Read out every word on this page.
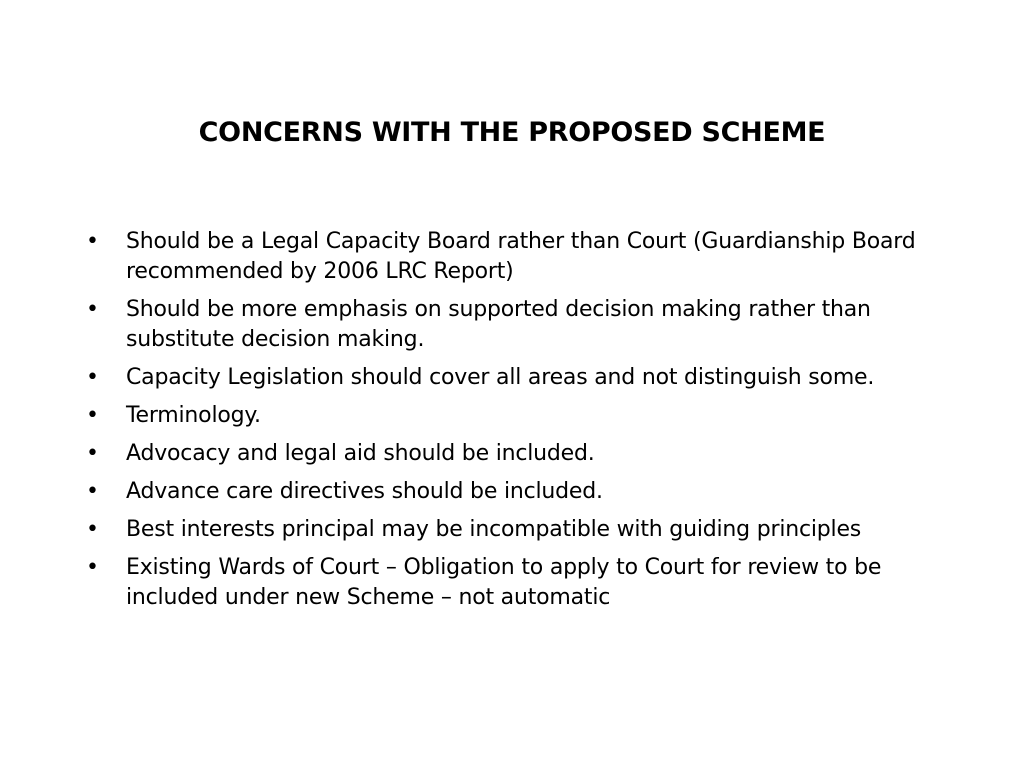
CONCERNS WITH THE PROPOSED SCHEME
•	Should be a Legal Capacity Board rather than Court (Guardianship Board recommended by 2006 LRC Report)
•	Should be more emphasis on supported decision making rather than substitute decision making.
•	Capacity Legislation should cover all areas and not distinguish some.
•	Terminology.
•	Advocacy and legal aid should be included.
•	Advance care directives should be included.
•	Best interests principal may be incompatible with guiding principles
•	Existing Wards of Court – Obligation to apply to Court for review to be included under new Scheme – not automatic
